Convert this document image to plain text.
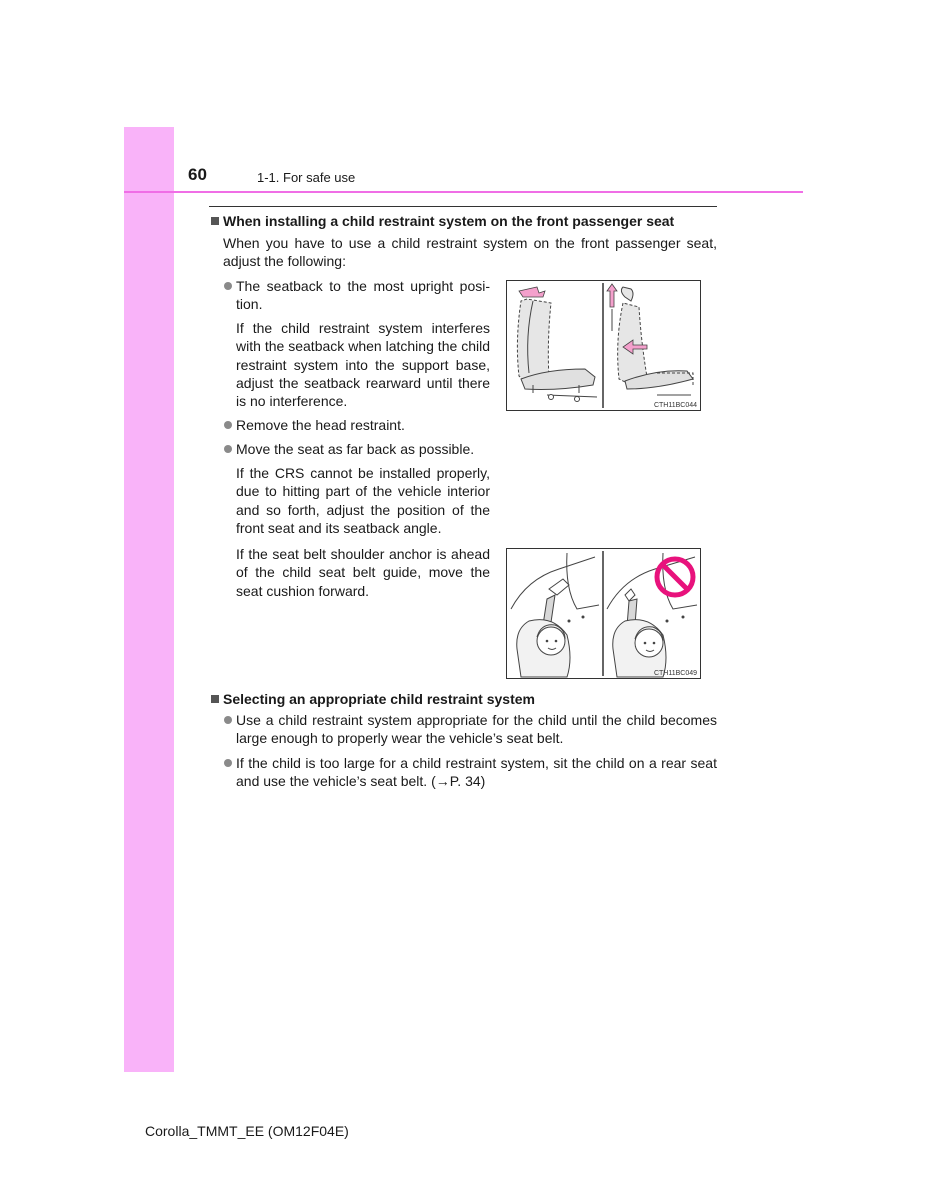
60	1-1. For safe use
When installing a child restraint system on the front passenger seat
When you have to use a child restraint system on the front passenger seat, adjust the following:
The seatback to the most upright posi-tion.
If the child restraint system interferes with the seatback when latching the child restraint system into the support base, adjust the seatback rearward until there is no interference.
Remove the head restraint.
Move the seat as far back as possible.
If the CRS cannot be installed properly, due to hitting part of the vehicle interior and so forth, adjust the position of the front seat and its seatback angle.
If the seat belt shoulder anchor is ahead of the child seat belt guide, move the seat cushion forward.
CTH11BC044
CTH11BC049
Selecting an appropriate child restraint system
Use a child restraint system appropriate for the child until the child becomes large enough to properly wear the vehicle’s seat belt.
If the child is too large for a child restraint system, sit the child on a rear seat and use the vehicle’s seat belt. (→P. 34)
Corolla_TMMT_EE (OM12F04E)
